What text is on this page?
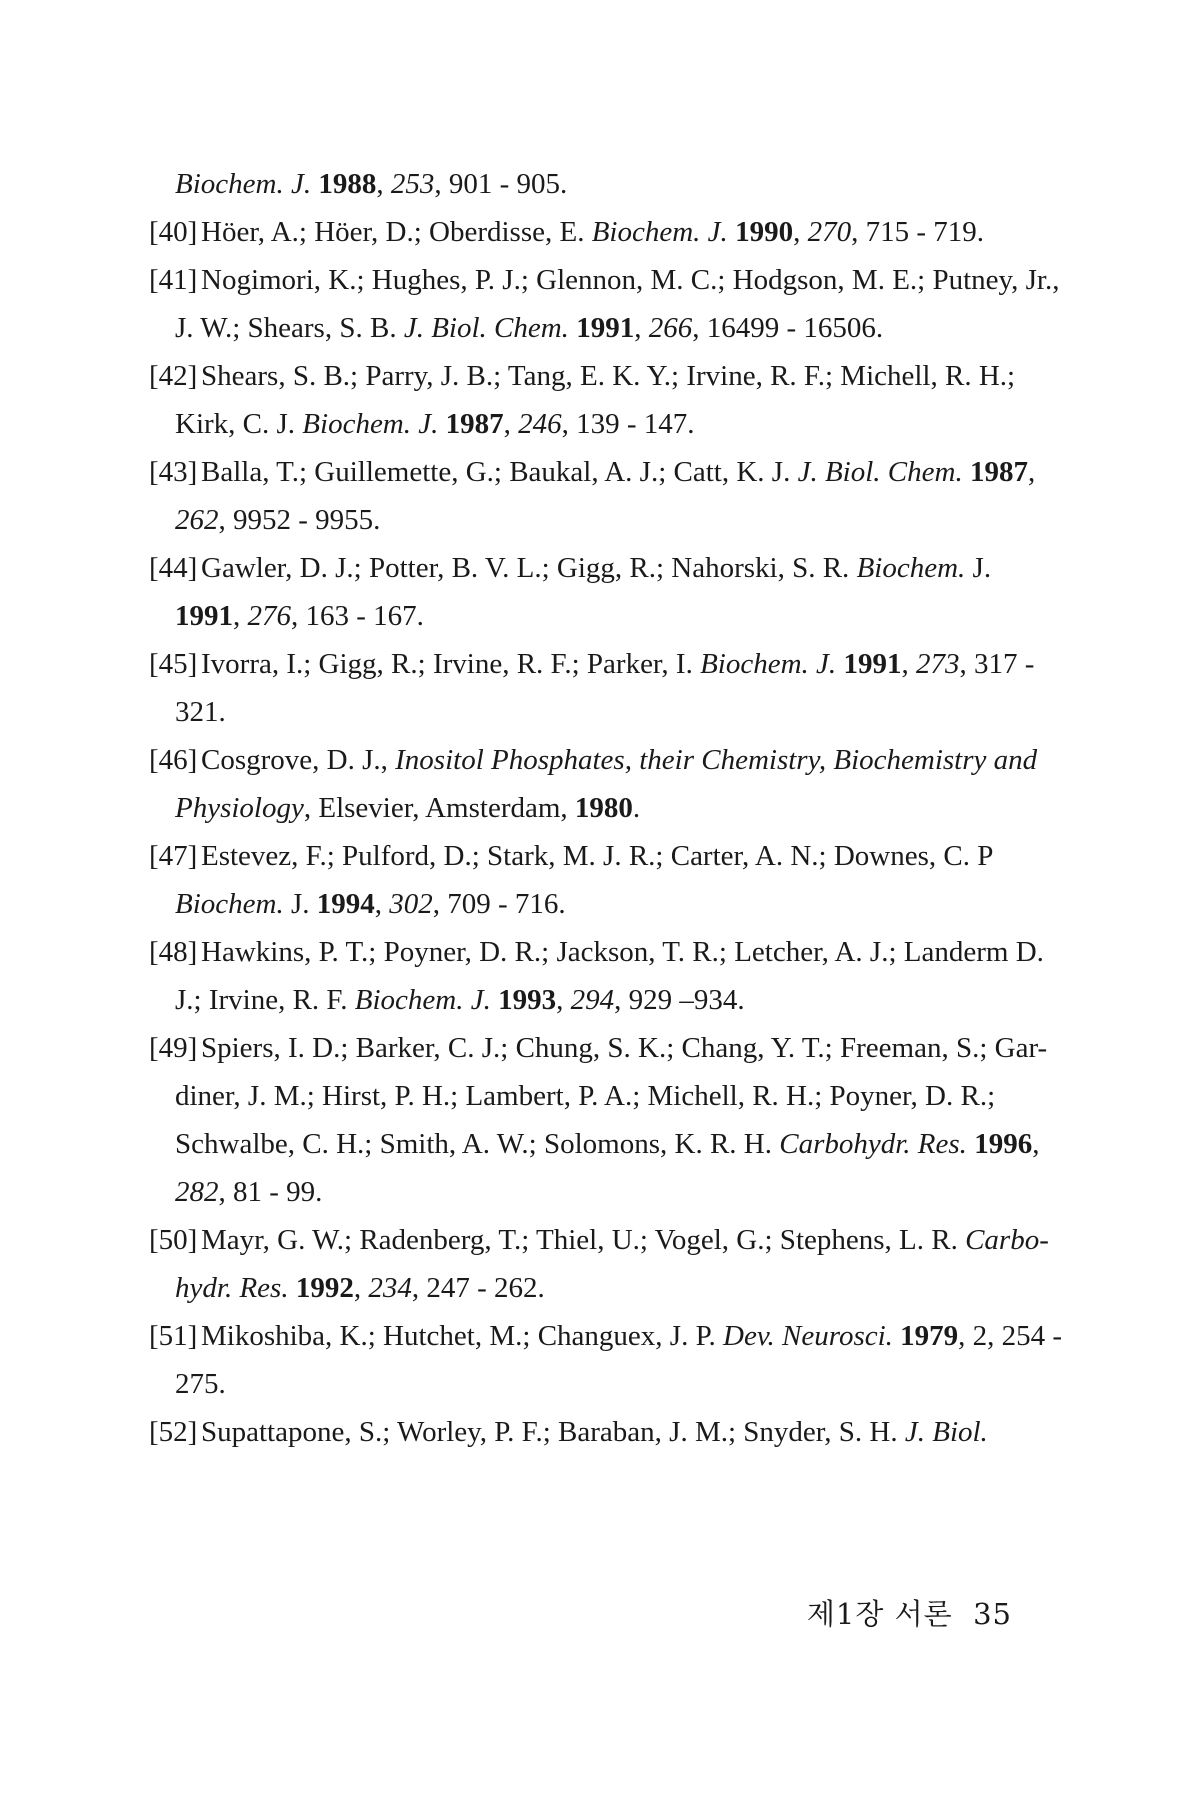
Biochem. J. 1988, 253, 901 - 905.
[40] Höer, A.; Höer, D.; Oberdisse, E. Biochem. J. 1990, 270, 715 - 719.
[41] Nogimori, K.; Hughes, P. J.; Glennon, M. C.; Hodgson, M. E.; Putney, Jr.,
J. W.; Shears, S. B. J. Biol. Chem. 1991, 266, 16499 - 16506.
[42] Shears, S. B.; Parry, J. B.; Tang, E. K. Y.; Irvine, R. F.; Michell, R. H.;
Kirk, C. J. Biochem. J. 1987, 246, 139 - 147.
[43] Balla, T.; Guillemette, G.; Baukal, A. J.; Catt, K. J. J. Biol. Chem. 1987,
262, 9952 - 9955.
[44] Gawler, D. J.; Potter, B. V. L.; Gigg, R.; Nahorski, S. R. Biochem. J.
1991, 276, 163 - 167.
[45] Ivorra, I.; Gigg, R.; Irvine, R. F.; Parker, I. Biochem. J. 1991, 273, 317 -
321.
[46] Cosgrove, D. J., Inositol Phosphates, their Chemistry, Biochemistry and
Physiology, Elsevier, Amsterdam, 1980.
[47] Estevez, F.; Pulford, D.; Stark, M. J. R.; Carter, A. N.; Downes, C. P
Biochem. J. 1994, 302, 709 - 716.
[48] Hawkins, P. T.; Poyner, D. R.; Jackson, T. R.; Letcher, A. J.; Landerm D.
J.; Irvine, R. F. Biochem. J. 1993, 294, 929 –934.
[49] Spiers, I. D.; Barker, C. J.; Chung, S. K.; Chang, Y. T.; Freeman, S.; Gar-
diner, J. M.; Hirst, P. H.; Lambert, P. A.; Michell, R. H.; Poyner, D. R.;
Schwalbe, C. H.; Smith, A. W.; Solomons, K. R. H. Carbohydr. Res. 1996,
282, 81 - 99.
[50] Mayr, G. W.; Radenberg, T.; Thiel, U.; Vogel, G.; Stephens, L. R. Carbo-
hydr. Res. 1992, 234, 247 - 262.
[51] Mikoshiba, K.; Hutchet, M.; Changuex, J. P. Dev. Neurosci. 1979, 2, 254 -
275.
[52] Supattapone, S.; Worley, P. F.; Baraban, J. M.; Snyder, S. H. J. Biol.
제1장 서론 35
